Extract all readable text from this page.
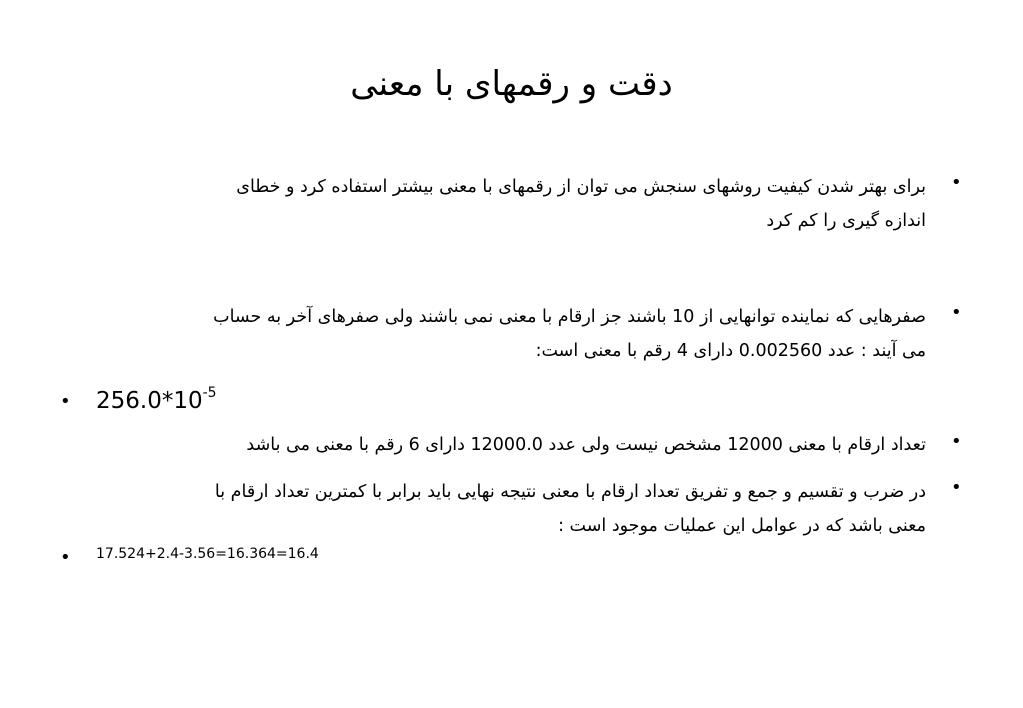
دقت و رقمهای با معنی
•
برای بهتر شدن کیفیت روشهای سنجش می توان از رقمهای با معنی بیشتر استفاده کرد و خطای
اندازه گیری را کم کرد
•
صفرهایی که نماینده توانهایی از 10 باشند جز ارقام با معنی نمی باشند ولی صفرهای آخر به حساب
می آیند : عدد 0.002560 دارای 4 رقم با معنی است:
• $256.0*10^{-5}$
•
تعداد ارقام با معنی 12000 مشخص نیست ولی عدد 12000.0 دارای 6 رقم با معنی می باشد
•
در ضرب و تقسیم و جمع و تفریق تعداد ارقام با معنی نتیجه نهایی باید برابر با کمترین تعداد ارقام با
معنی باشد که در عوامل این عملیات موجود است :
• 17.524+2.4-3.56=16.364=16.4
